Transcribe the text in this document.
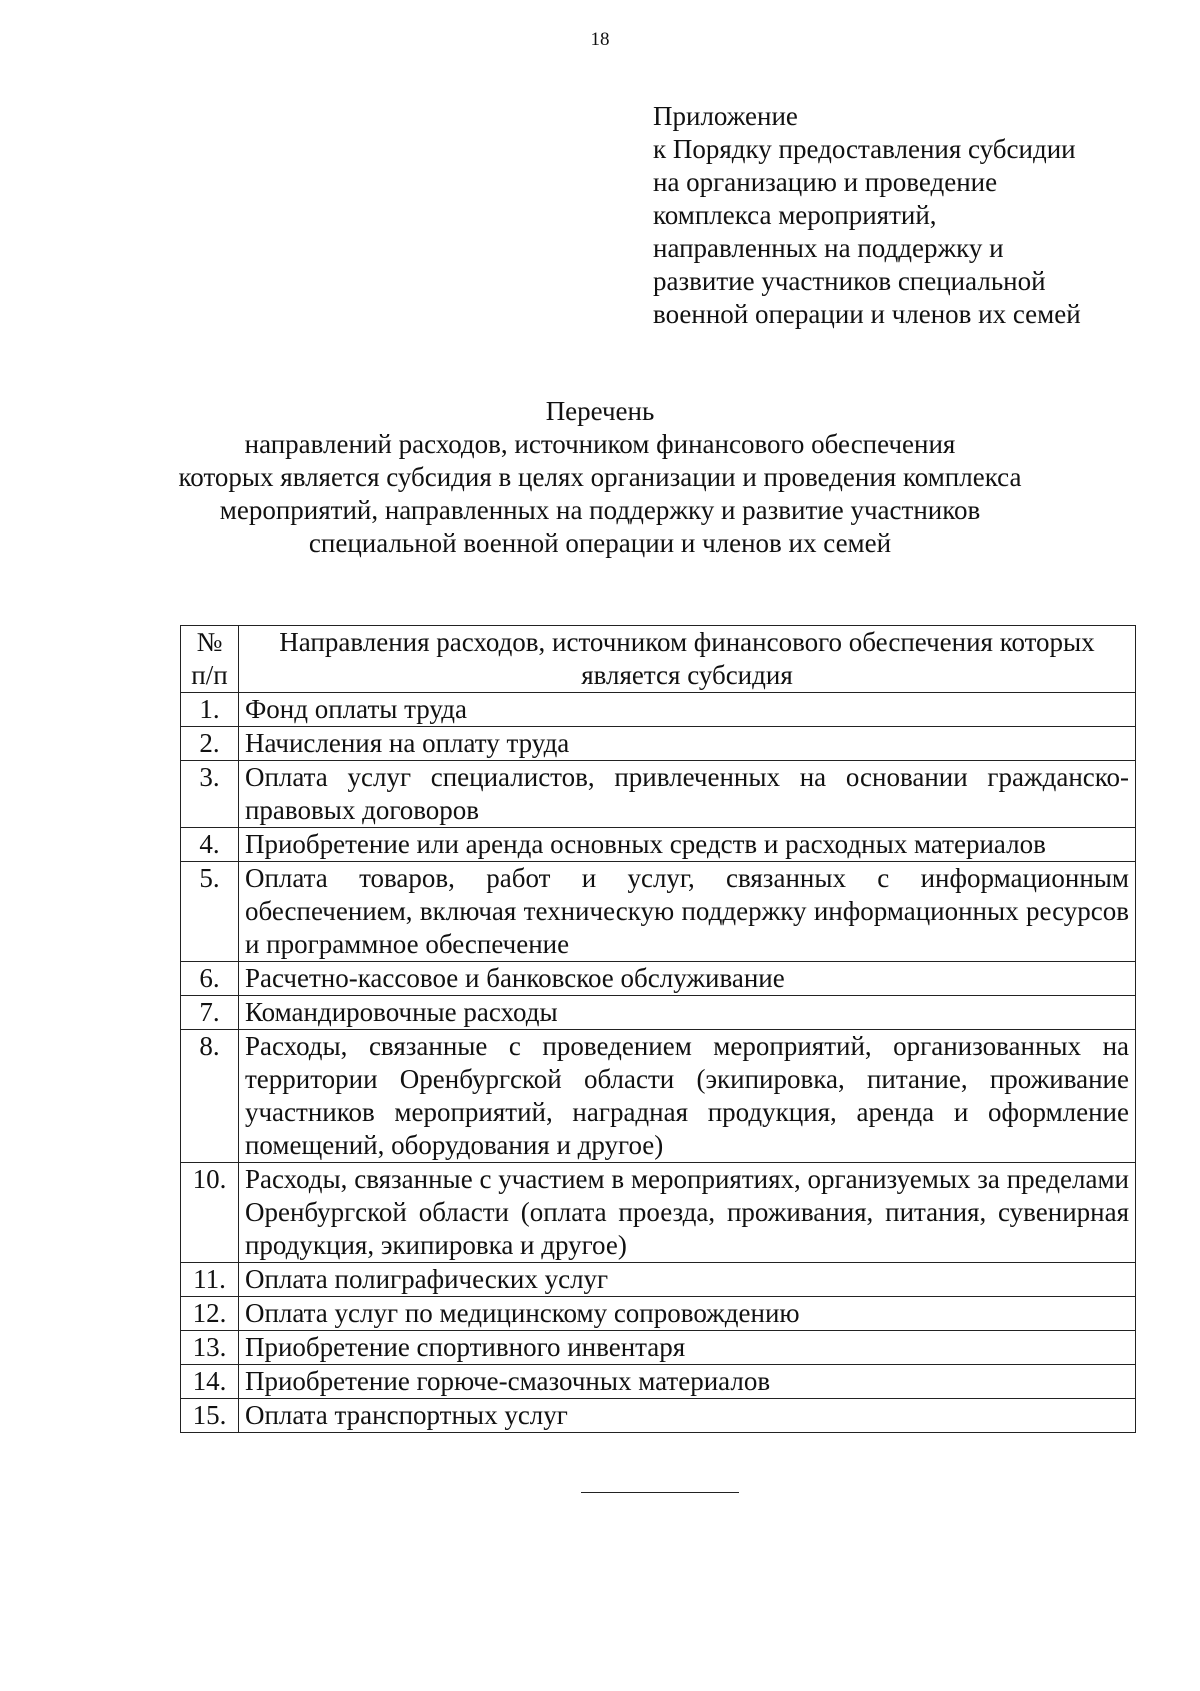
18
Приложение
к Порядку предоставления субсидии
на организацию и проведение
комплекса мероприятий,
направленных на поддержку и
развитие участников специальной
военной операции и членов их семей
Перечень
направлений расходов, источником финансового обеспечения
которых является субсидия в целях организации и проведения комплекса
мероприятий, направленных на поддержку и развитие участников
специальной военной операции и членов их семей
№ п/п	Направления расходов, источником финансового обеспечения которых является субсидия
1.	Фонд оплаты труда
2.	Начисления на оплату труда
3.	Оплата услуг специалистов, привлеченных на основании гражданско-правовых договоров
4.	Приобретение или аренда основных средств и расходных материалов
5.	Оплата товаров, работ и услуг, связанных с информационным обеспечением, включая техническую поддержку информационных ресурсов и программное обеспечение
6.	Расчетно-кассовое и банковское обслуживание
7.	Командировочные расходы
8.	Расходы, связанные с проведением мероприятий, организованных на территории Оренбургской области (экипировка, питание, проживание участников мероприятий, наградная продукция, аренда и оформление помещений, оборудования и другое)
10.	Расходы, связанные с участием в мероприятиях, организуемых за пределами Оренбургской области (оплата проезда, проживания, питания, сувенирная продукция, экипировка и другое)
11.	Оплата полиграфических услуг
12.	Оплата услуг по медицинскому сопровождению
13.	Приобретение спортивного инвентаря
14.	Приобретение горюче-смазочных материалов
15.	Оплата транспортных услуг
